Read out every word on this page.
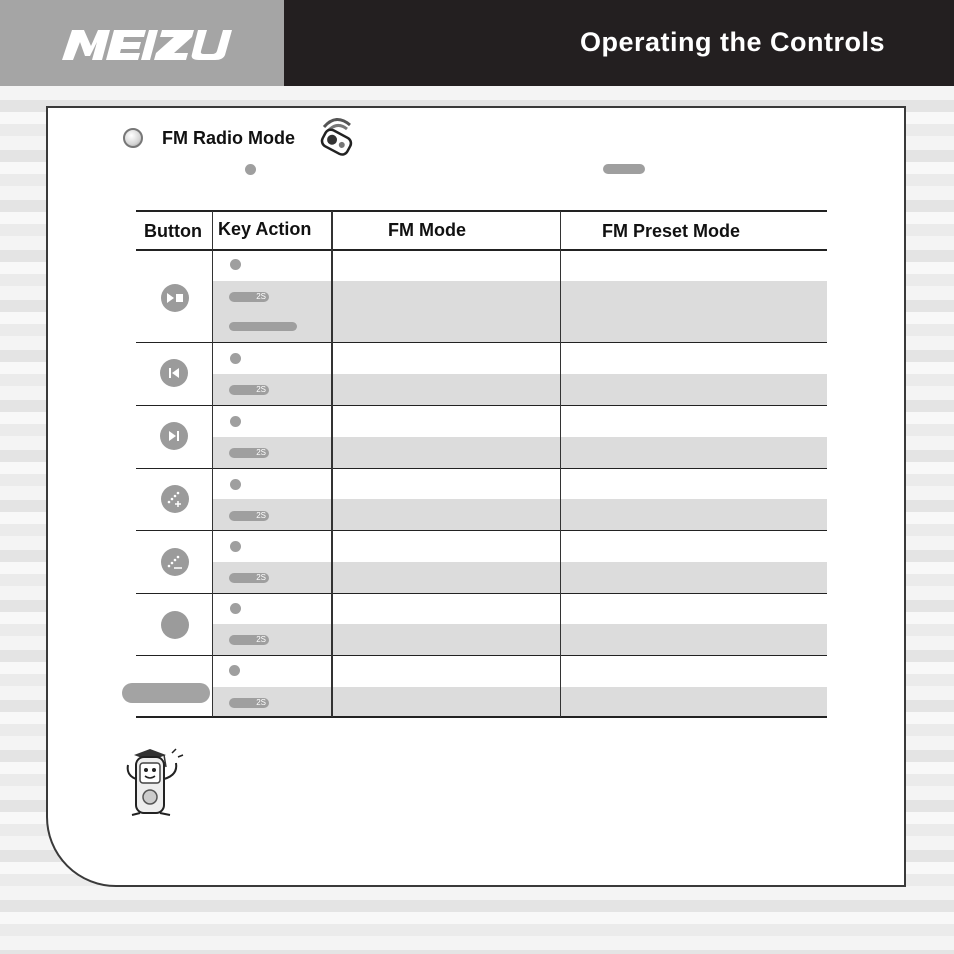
MEIZU
Operating the Controls
FM Radio Mode
Button Key Action	FM Mode	FM Preset Mode
2S
2S
2S
2S
2S
2S
2S
